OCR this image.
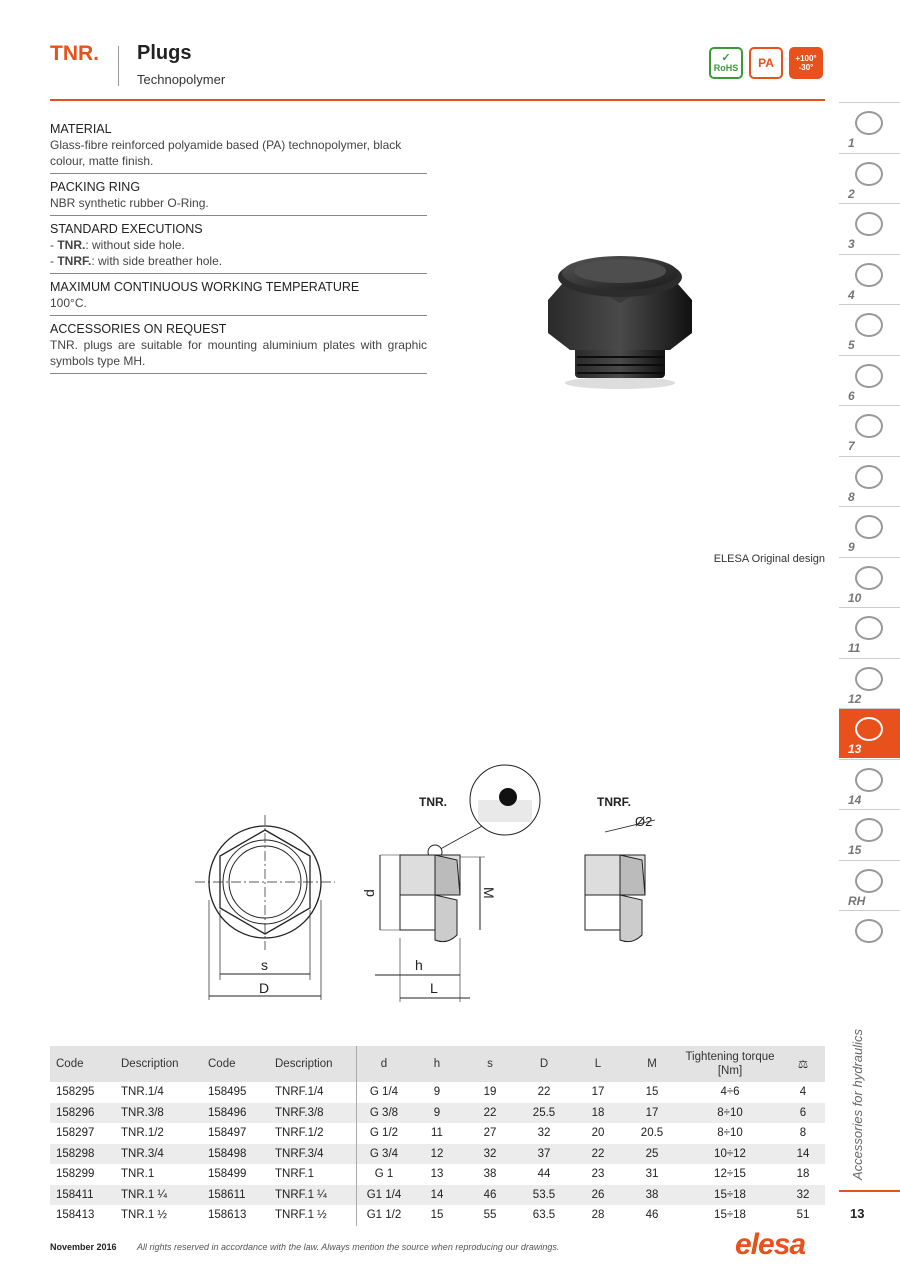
TNR. Plugs
Technopolymer
✓
RoHS	PA	+100°
-30°
MATERIAL
Glass-fibre reinforced polyamide based (PA) technopolymer, black colour, matte finish.
PACKING RING
NBR synthetic rubber O-Ring.
STANDARD EXECUTIONS
- TNR.: without side hole.
- TNRF.: with side breather hole.
MAXIMUM CONTINUOUS WORKING TEMPERATURE
100°C.
ACCESSORIES ON REQUEST
TNR. plugs are suitable for mounting aluminium plates with graphic symbols type MH.
ELESA Original design
s
D
TNR.
d	M
h
L
TNRF.
Ø2
Code	Description	Code	Description	d	h	s	D	L	M	Tightening torque
[Nm]	⚖
158295	TNR.1/4	158495	TNRF.1/4	G 1/4	9	19	22	17	15	4÷6	4
158296	TNR.3/8	158496	TNRF.3/8	G 3/8	9	22	25.5	18	17	8÷10	6
158297	TNR.1/2	158497	TNRF.1/2	G 1/2	11	27	32	20	20.5	8÷10	8
158298	TNR.3/4	158498	TNRF.3/4	G 3/4	12	32	37	22	25	10÷12	14
158299	TNR.1	158499	TNRF.1	G 1	13	38	44	23	31	12÷15	18
158411	TNR.1 ¼	158611	TNRF.1 ¼	G1 1/4	14	46	53.5	26	38	15÷18	32
158413	TNR.1 ½	158613	TNRF.1 ½	G1 1/2	15	55	63.5	28	46	15÷18	51
1
2
3
4
5
6
7
8
9
10
11
12
13
14
15
RH
Accessories for hydraulics
13
November 2016 All rights reserved in accordance with the law. Always mention the source when reproducing our drawings.	elesa
